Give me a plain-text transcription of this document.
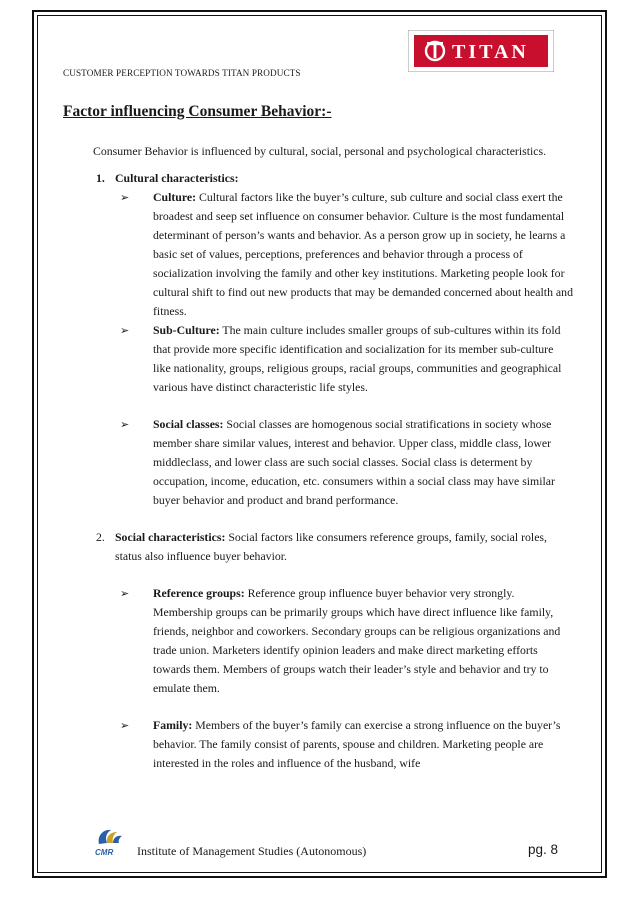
TITAN
CUSTOMER PERCEPTION TOWARDS TITAN PRODUCTS
Factor influencing Consumer Behavior:-

Consumer Behavior is influenced by cultural, social, personal and psychological characteristics.

1. Cultural characteristics:
➢	Culture: Cultural factors like the buyer’s culture, sub culture and social class exert the broadest and seep set influence on consumer behavior. Culture is the most fundamental determinant of person’s wants and behavior. As a person grow up in society, he learns a basic set of values, perceptions, preferences and behavior through a process of socialization involving the family and other key institutions. Marketing people look for cultural shift to find out new products that may be demanded concerned about health and fitness.
➢	Sub-Culture: The main culture includes smaller groups of sub-cultures within its fold that provide more specific identification and socialization for its member sub-culture like nationality, groups, religious groups, racial groups, communities and geographical various have distinct characteristic life styles.
➢	Social classes: Social classes are homogenous social stratifications in society whose member share similar values, interest and behavior. Upper class, middle class, lower middleclass, and lower class are such social classes. Social class is determent by occupation, income, education, etc. consumers within a social class may have similar buyer behavior and product and brand performance.
2. Social characteristics: Social factors like consumers reference groups, family, social roles, status also influence buyer behavior.
➢	Reference groups: Reference group influence buyer behavior very strongly. Membership groups can be primarily groups which have direct influence like family, friends, neighbor and coworkers. Secondary groups can be religious organizations and trade union. Marketers identify opinion leaders and make direct marketing efforts towards them. Members of groups watch their leader’s style and behavior and try to emulate them.
➢	Family: Members of the buyer’s family can exercise a strong influence on the buyer’s behavior. The family consist of parents, spouse and children. Marketing people are interested in the roles and influence of the husband, wife
CMR Institute of Management Studies (Autonomous)	pg. 8
